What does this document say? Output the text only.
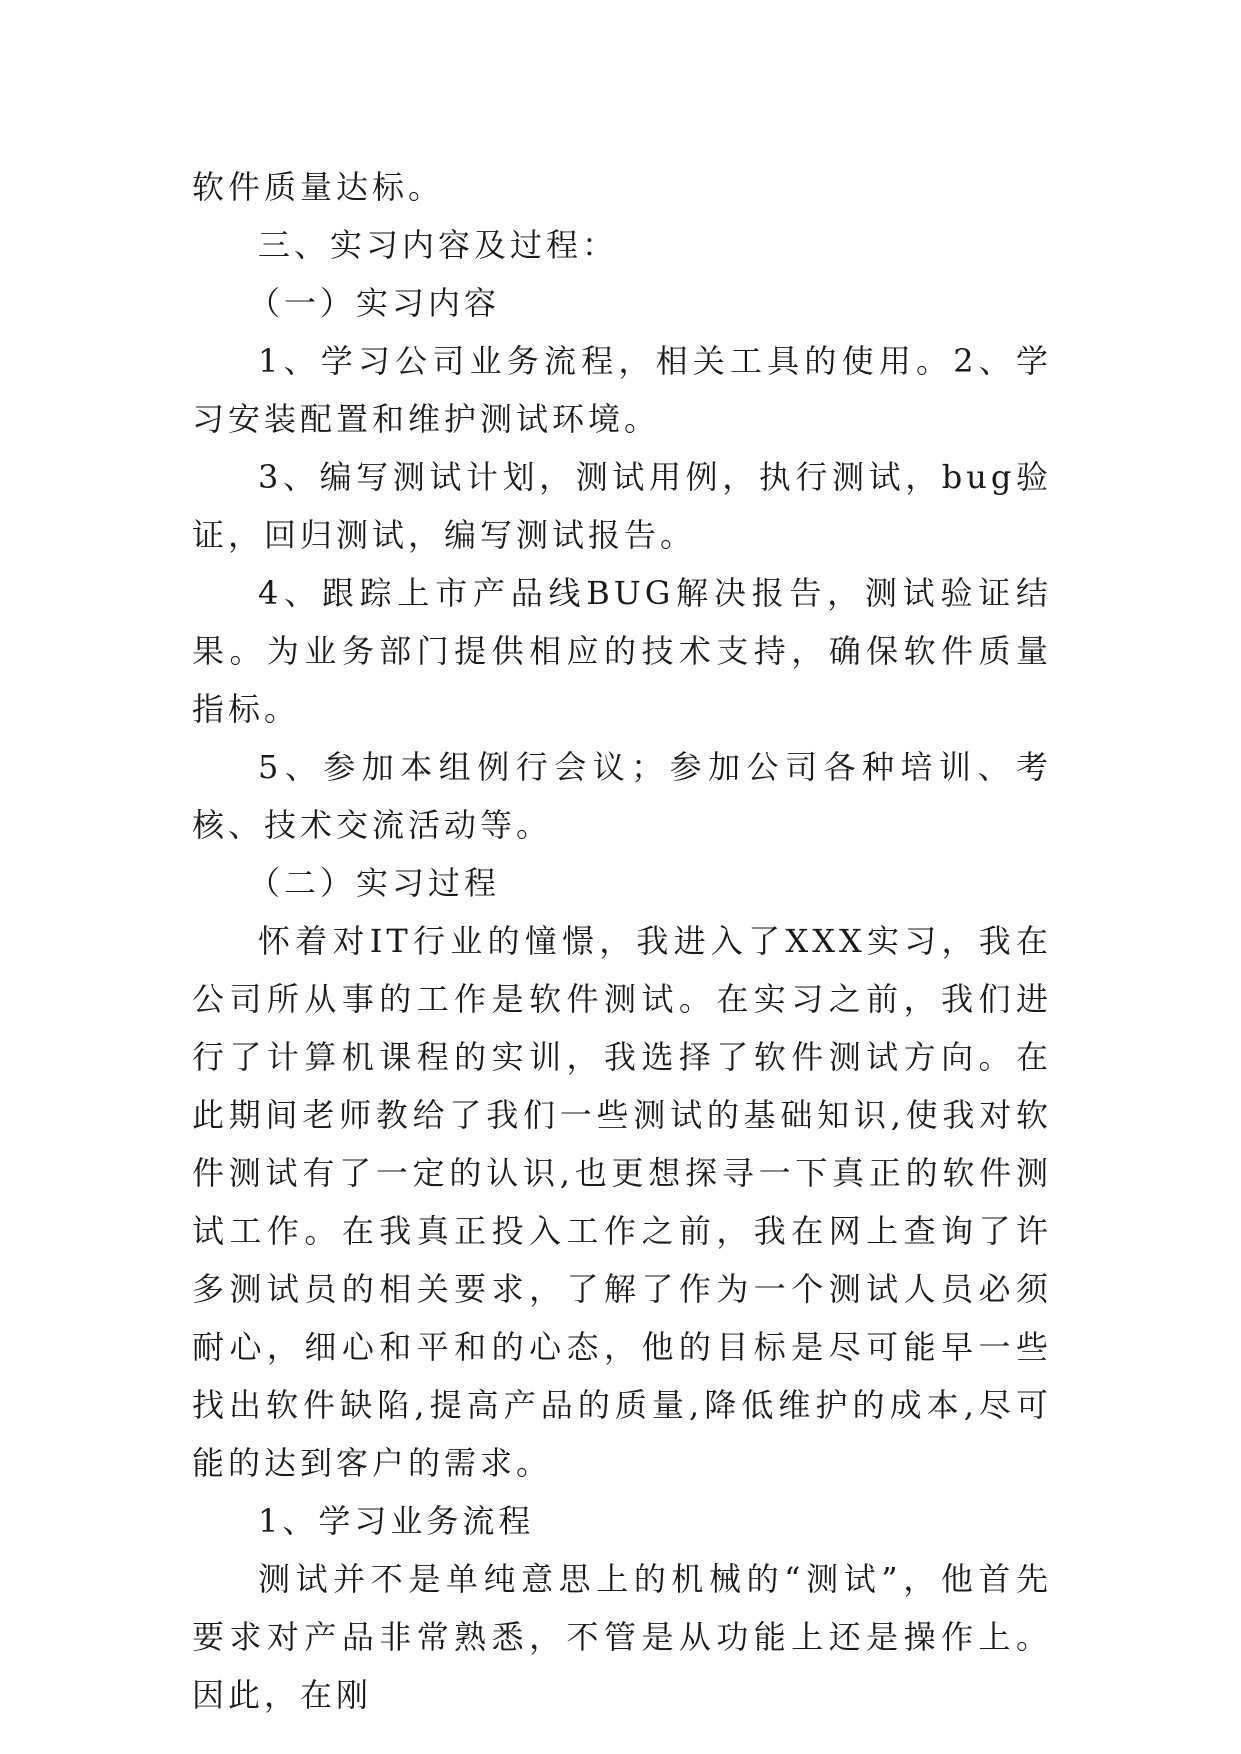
软件质量达标。

三、实习内容及过程：

（一）实习内容

1、学习公司业务流程，相关工具的使用。2、学习安装配置和维护测试环境。

3、编写测试计划，测试用例，执行测试，bug验证，回归测试，编写测试报告。

4、跟踪上市产品线BUG解决报告，测试验证结果。为业务部门提供相应的技术支持，确保软件质量指标。

5、参加本组例行会议；参加公司各种培训、考核、技术交流活动等。

（二）实习过程

怀着对IT行业的憧憬，我进入了XXX实习，我在公司所从事的工作是软件测试。在实习之前，我们进行了计算机课程的实训，我选择了软件测试方向。在此期间老师教给了我们一些测试的基础知识,使我对软件测试有了一定的认识,也更想探寻一下真正的软件测试工作。在我真正投入工作之前，我在网上查询了许多测试员的相关要求，了解了作为一个测试人员必须耐心，细心和平和的心态，他的目标是尽可能早一些找出软件缺陷,提高产品的质量,降低维护的成本,尽可能的达到客户的需求。

1、学习业务流程

测试并不是单纯意思上的机械的“测试”，他首先要求对产品非常熟悉，不管是从功能上还是操作上。因此，在刚
